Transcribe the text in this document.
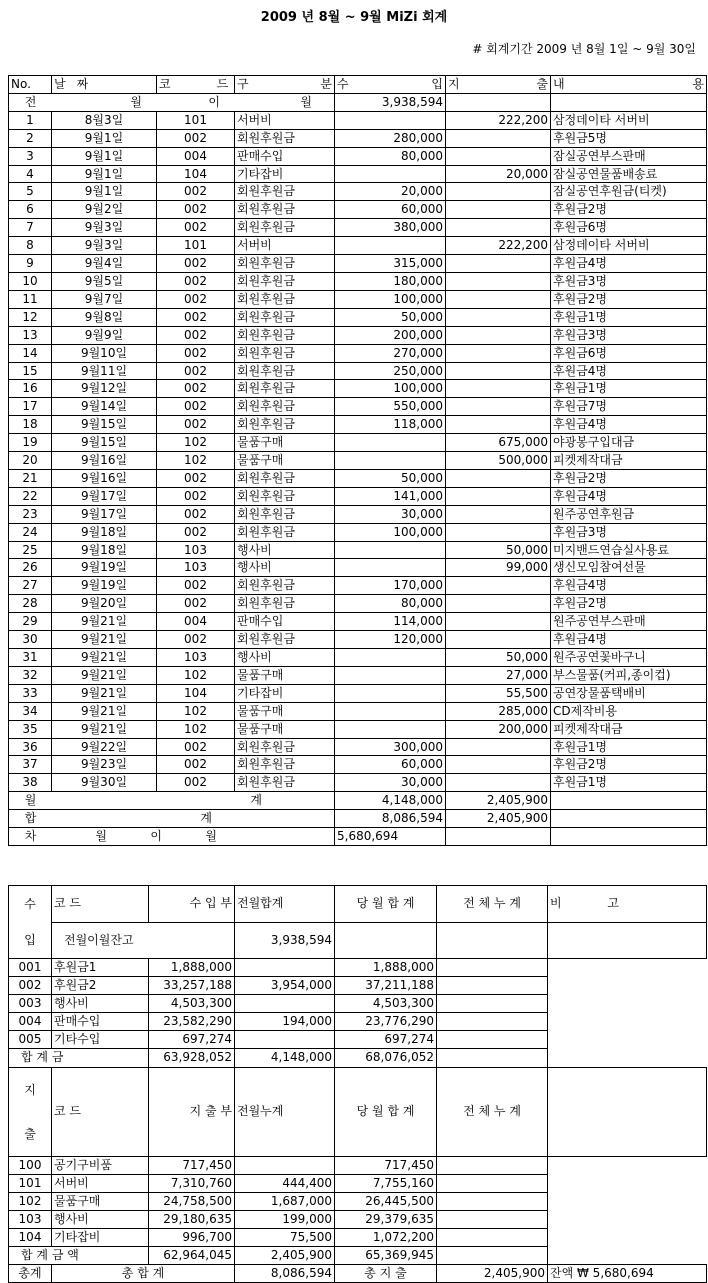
2009 년 8월 ~ 9월 MiZi 회계
# 회계기간 2009 년 8월 1일 ~ 9월 30일
No.	날 짜	코 드	구 분	수 입	지 출	내 용

전 월 이 월				3,938,594		
1	8월3일	101	서버비		222,200	삼정데이타 서버비
2	9월1일	002	회원후원금	280,000		후원금5명
3	9월1일	004	판매수입	80,000		잠실공연부스판매
4	9월1일	104	기타잡비		20,000	잠실공연물품배송료
5	9월1일	002	회원후원금	20,000		잠실공연후원금(티켓)
6	9월2일	002	회원후원금	60,000		후원금2명
7	9월3일	002	회원후원금	380,000		후원금6명
8	9월3일	101	서버비		222,200	삼정데이타 서버비
9	9월4일	002	회원후원금	315,000		후원금4명
10	9월5일	002	회원후원금	180,000		후원금3명
11	9월7일	002	회원후원금	100,000		후원금2명
12	9월8일	002	회원후원금	50,000		후원금1명
13	9월9일	002	회원후원금	200,000		후원금3명
14	9월10일	002	회원후원금	270,000		후원금6명
15	9월11일	002	회원후원금	250,000		후원금4명
16	9월12일	002	회원후원금	100,000		후원금1명
17	9월14일	002	회원후원금	550,000		후원금7명
18	9월15일	002	회원후원금	118,000		후원금4명
19	9월15일	102	물품구매		675,000	야광봉구입대금
20	9월16일	102	물품구매		500,000	피켓제작대금
21	9월16일	002	회원후원금	50,000		후원금2명
22	9월17일	002	회원후원금	141,000		후원금4명
23	9월17일	002	회원후원금	30,000		원주공연후원금
24	9월18일	002	회원후원금	100,000		후원금3명
25	9월18일	103	행사비		50,000	미지밴드연습실사용료
26	9월19일	103	행사비		99,000	생신모임참여선물
27	9월19일	002	회원후원금	170,000		후원금4명
28	9월20일	002	회원후원금	80,000		후원금2명
29	9월21일	004	판매수입	114,000		원주공연부스판매
30	9월21일	002	회원후원금	120,000		후원금4명
31	9월21일	103	행사비		50,000	원주공연꽃바구니
32	9월21일	102	물품구매		27,000	부스물품(커피,종이컵)
33	9월21일	104	기타잡비		55,500	공연장물품택배비
34	9월21일	102	물품구매		285,000	CD제작비용
35	9월21일	102	물품구매		200,000	피켓제작대금
36	9월22일	002	회원후원금	300,000		후원금1명
37	9월23일	002	회원후원금	60,000		후원금2명
38	9월30일	002	회원후원금	30,000		후원금1명

월 계				4,148,000	2,405,900	

합 계				8,086,594	2,405,900	

차 월 이 월				5,680,694		
수
입	코 드	수 입 부	전월합계	당 월 합 계	전 체 누 계	비            고
	전월이월잔고		3,938,594			
001	후원금1	1,888,000		1,888,000		
002	후원금2	33,257,188	3,954,000	37,211,188		
003	행사비	4,503,300		4,503,300		
004	판매수입	23,582,290	194,000	23,776,290		
005	기타수입	697,274		697,274		
합 계 금		63,928,052	4,148,000	68,076,052		

지
출	코 드	지 출 부	전월누계	당 월 합 계	전 체 누 계	
100	공기구비품	717,450		717,450		
101	서버비	7,310,760	444,400	7,755,160		
102	물품구매	24,758,500	1,687,000	26,445,500		
103	행사비	29,180,635	199,000	29,379,635		
104	기타잡비	996,700	75,500	1,072,200		
합 계 금 액		62,964,045	2,405,900	65,369,945		
총계	총 합 계		8,086,594	총 지 출	2,405,900	잔액 ₩ 5,680,694
